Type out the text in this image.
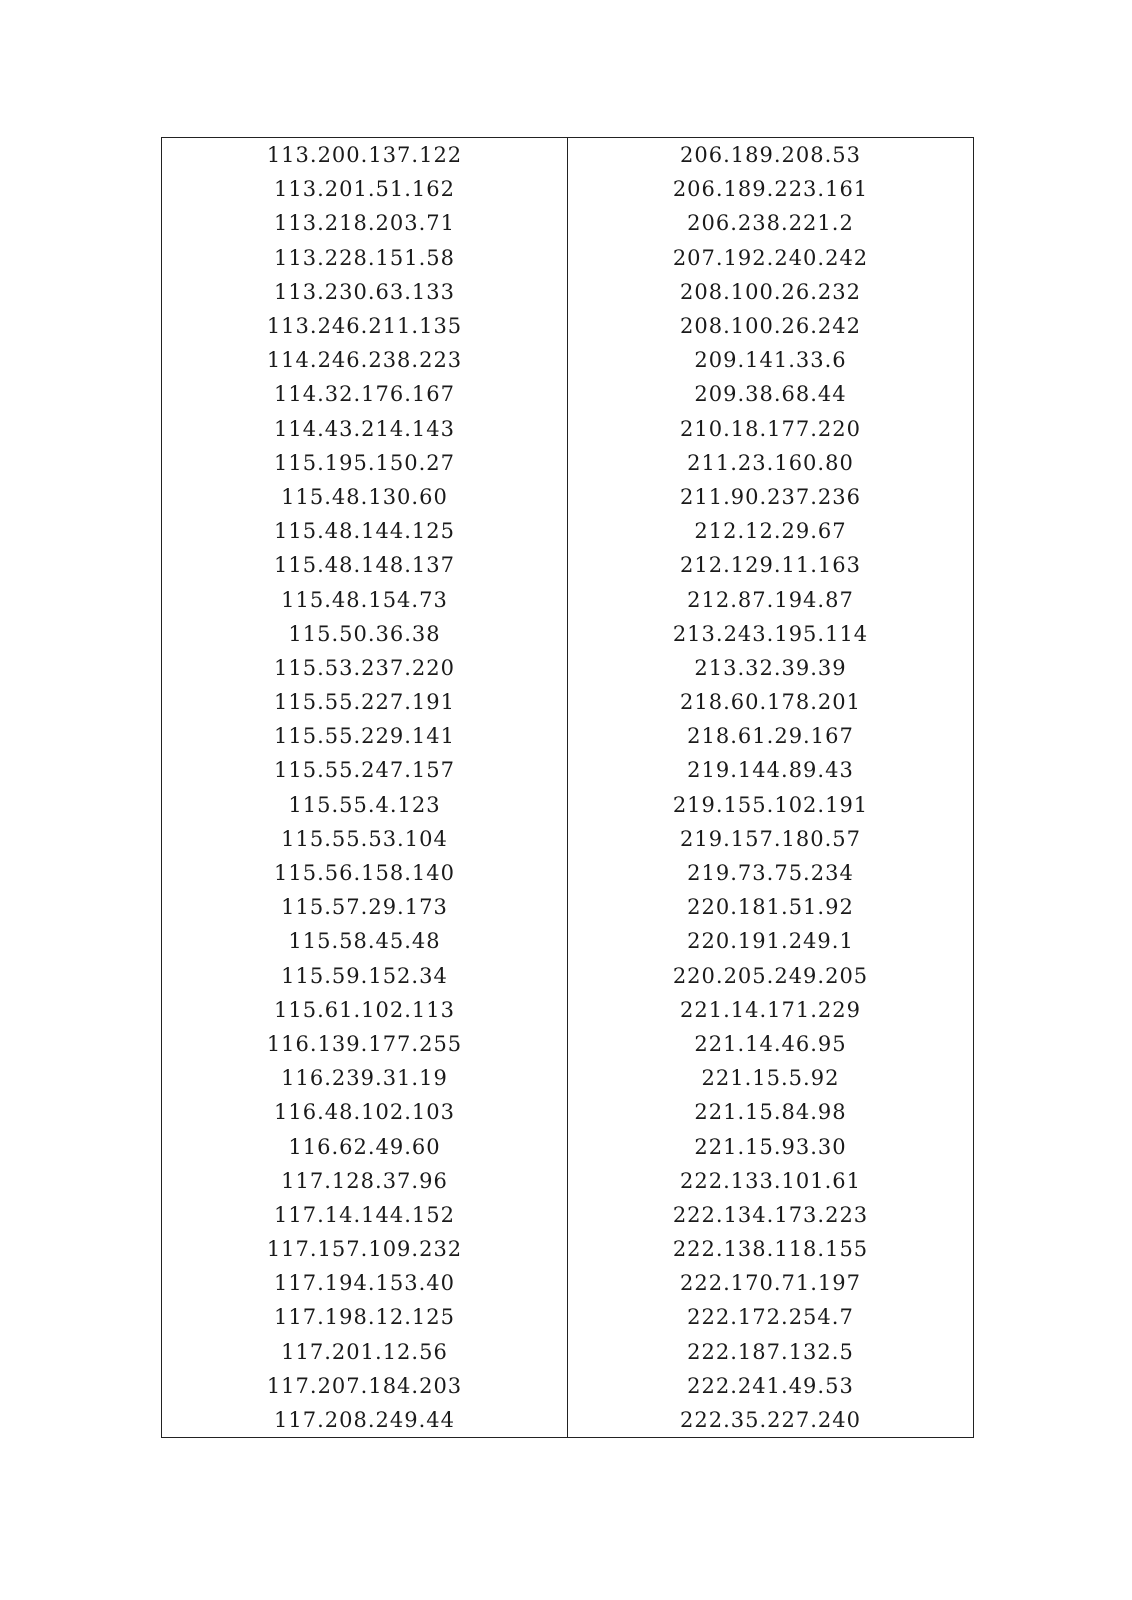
113.200.137.122	206.189.208.53
113.201.51.162	206.189.223.161
113.218.203.71	206.238.221.2
113.228.151.58	207.192.240.242
113.230.63.133	208.100.26.232
113.246.211.135	208.100.26.242
114.246.238.223	209.141.33.6
114.32.176.167	209.38.68.44
114.43.214.143	210.18.177.220
115.195.150.27	211.23.160.80
115.48.130.60	211.90.237.236
115.48.144.125	212.12.29.67
115.48.148.137	212.129.11.163
115.48.154.73	212.87.194.87
115.50.36.38	213.243.195.114
115.53.237.220	213.32.39.39
115.55.227.191	218.60.178.201
115.55.229.141	218.61.29.167
115.55.247.157	219.144.89.43
115.55.4.123	219.155.102.191
115.55.53.104	219.157.180.57
115.56.158.140	219.73.75.234
115.57.29.173	220.181.51.92
115.58.45.48	220.191.249.1
115.59.152.34	220.205.249.205
115.61.102.113	221.14.171.229
116.139.177.255	221.14.46.95
116.239.31.19	221.15.5.92
116.48.102.103	221.15.84.98
116.62.49.60	221.15.93.30
117.128.37.96	222.133.101.61
117.14.144.152	222.134.173.223
117.157.109.232	222.138.118.155
117.194.153.40	222.170.71.197
117.198.12.125	222.172.254.7
117.201.12.56	222.187.132.5
117.207.184.203	222.241.49.53
117.208.249.44	222.35.227.240
